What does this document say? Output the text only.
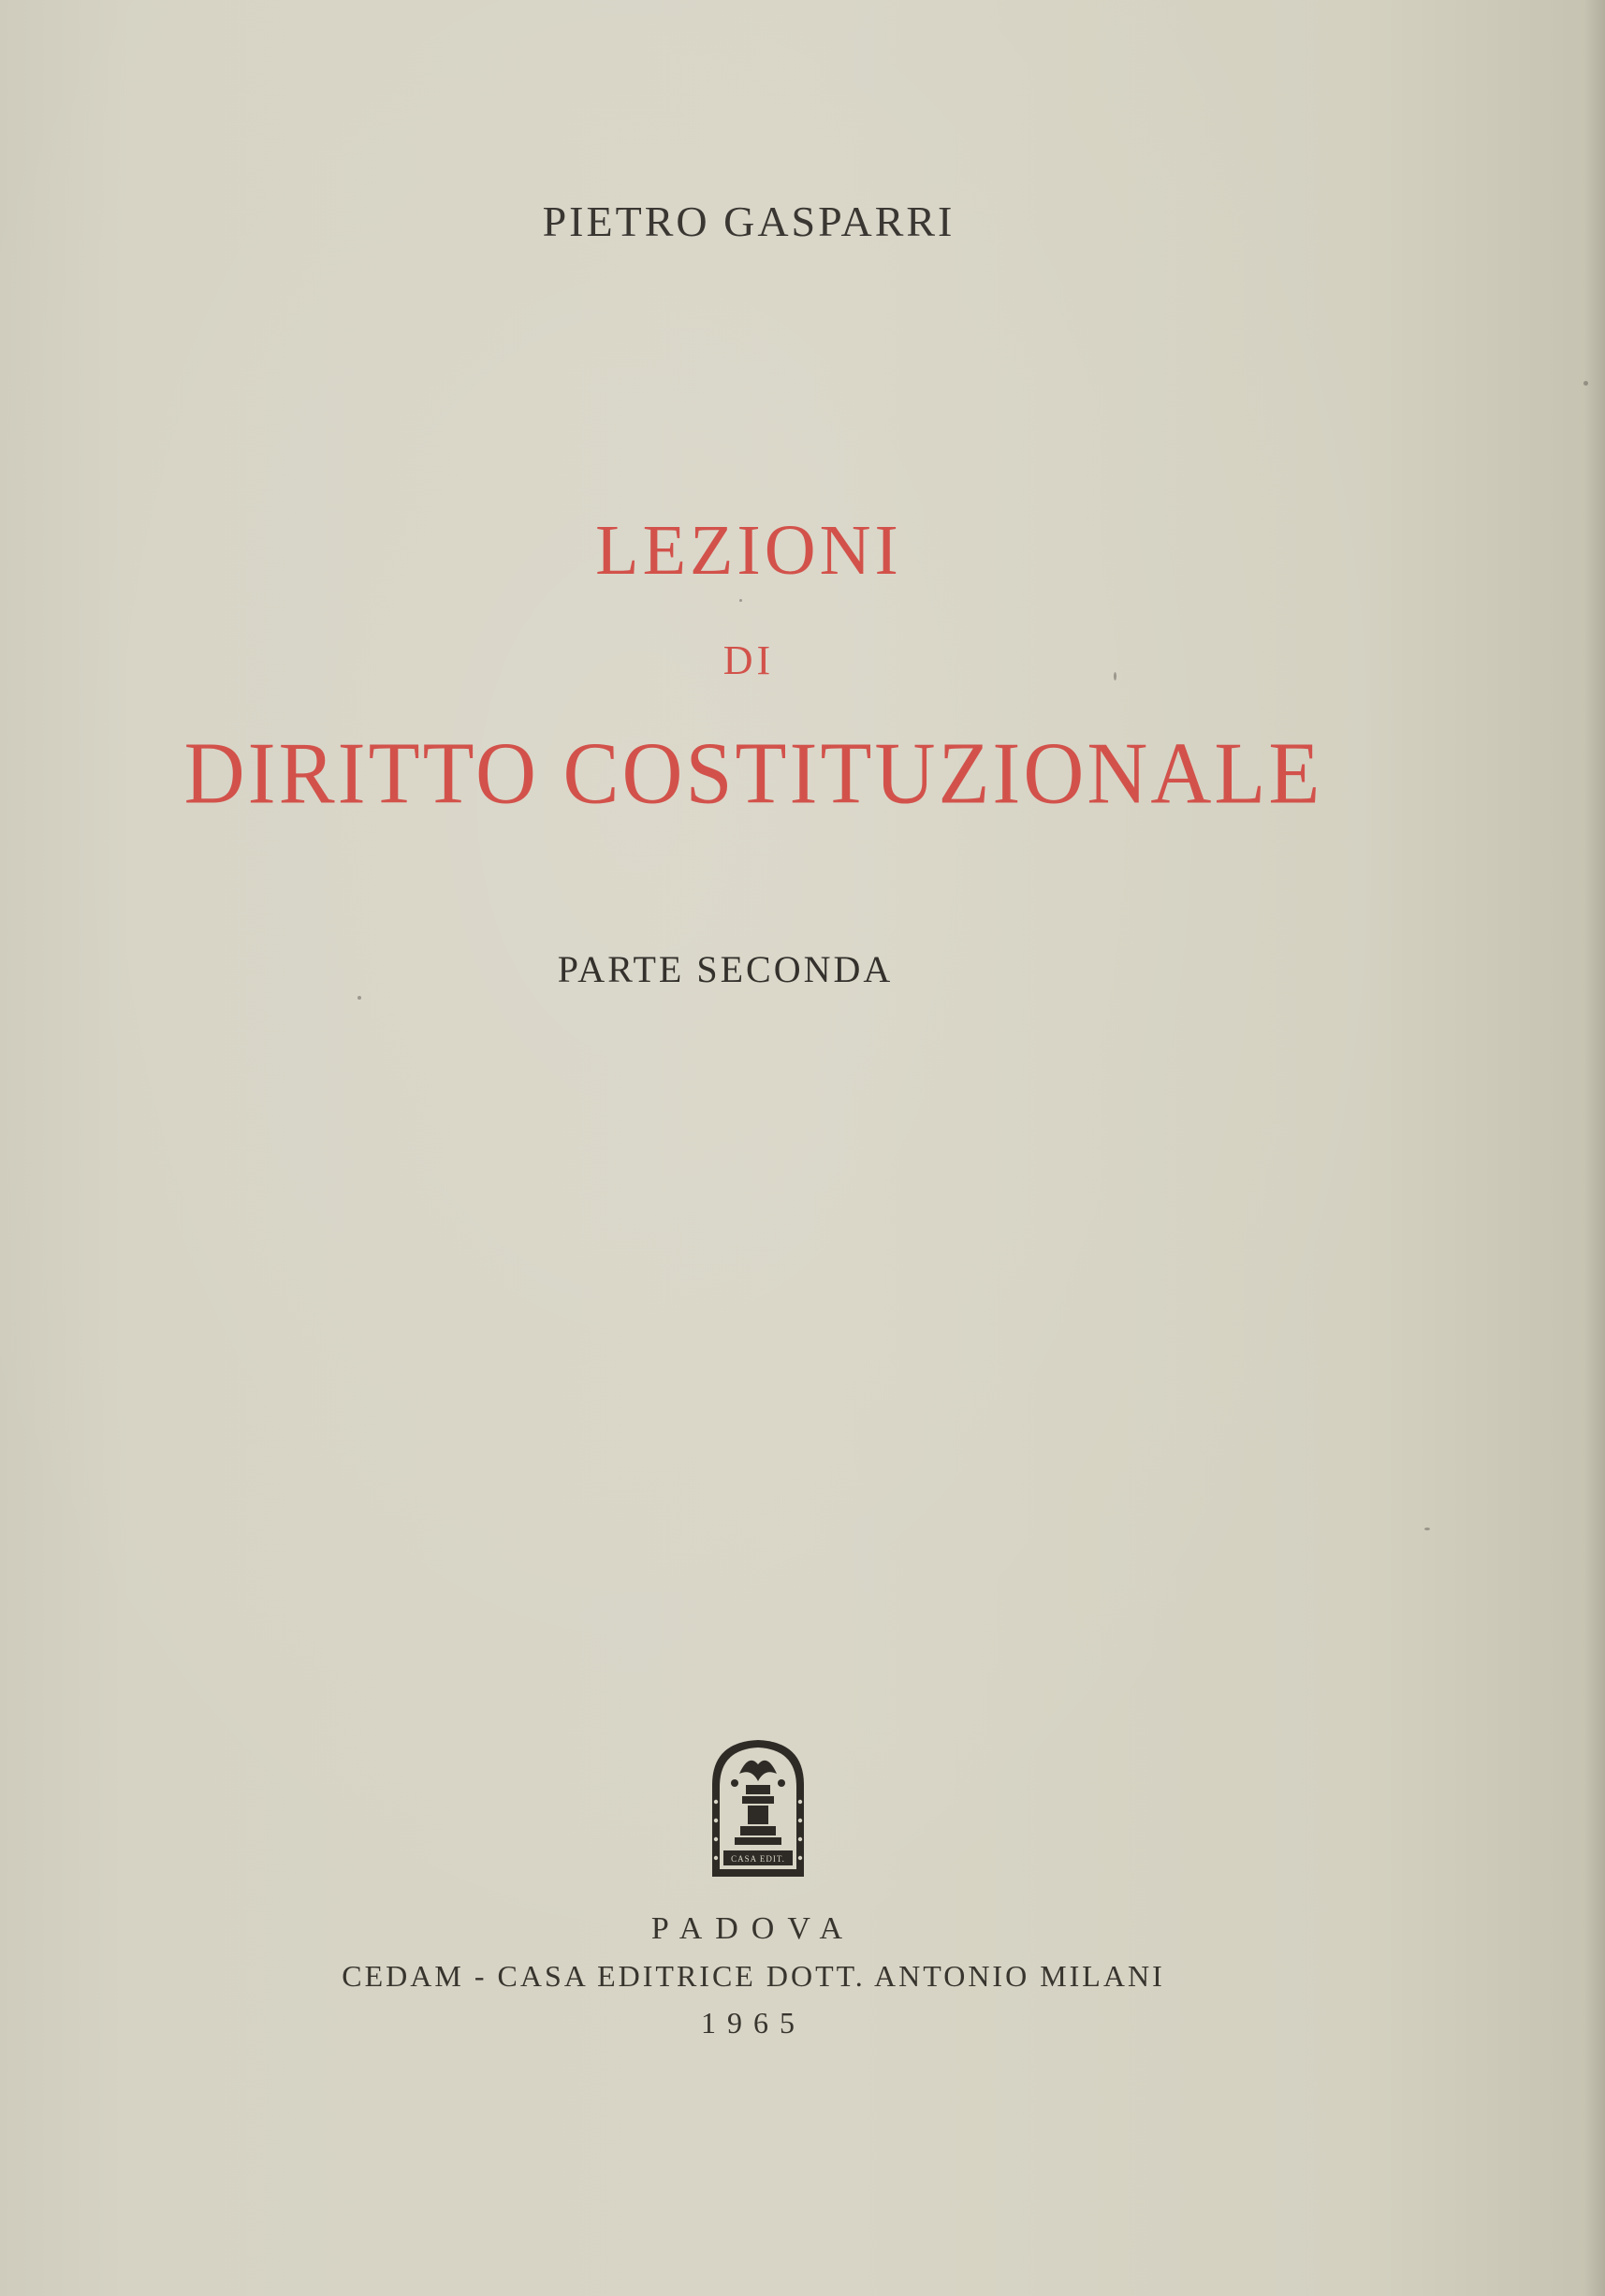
PIETRO GASPARRI
LEZIONI
DI
DIRITTO COSTITUZIONALE
PARTE SECONDA
CASA EDIT.
PADOVA
CEDAM - CASA EDITRICE DOTT. ANTONIO MILANI
1965
